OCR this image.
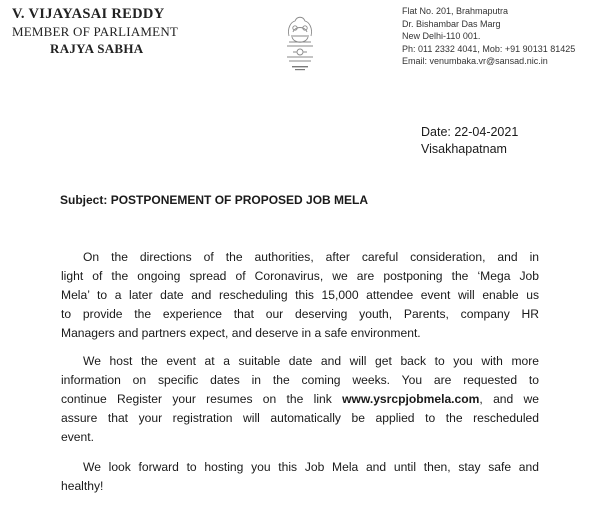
V. VIJAYASAI REDDY
MEMBER OF PARLIAMENT
RAJYA SABHA
Flat No. 201, Brahmaputra
Dr. Bishambar Das Marg
New Delhi-110 001.
Ph: 011 2332 4041, Mob: +91 90131 81425
Email: venumbaka.vr@sansad.nic.in
Date: 22-04-2021
Visakhapatnam
Subject: POSTPONEMENT OF PROPOSED JOB MELA
On the directions of the authorities, after careful consideration, and in
light of the ongoing spread of Coronavirus, we are postponing the ‘Mega Job
Mela’ to a later date and rescheduling this 15,000 attendee event will enable us
to provide the experience that our deserving youth, Parents, company HR
Managers and partners expect, and deserve in a safe environment.
We host the event at a suitable date and will get back to you with more
information on specific dates in the coming weeks. You are requested to
continue Register your resumes on the link www.ysrcpjobmela.com, and we
assure that your registration will automatically be applied to the rescheduled
event.
We look forward to hosting you this Job Mela and until then, stay safe and
healthy!
